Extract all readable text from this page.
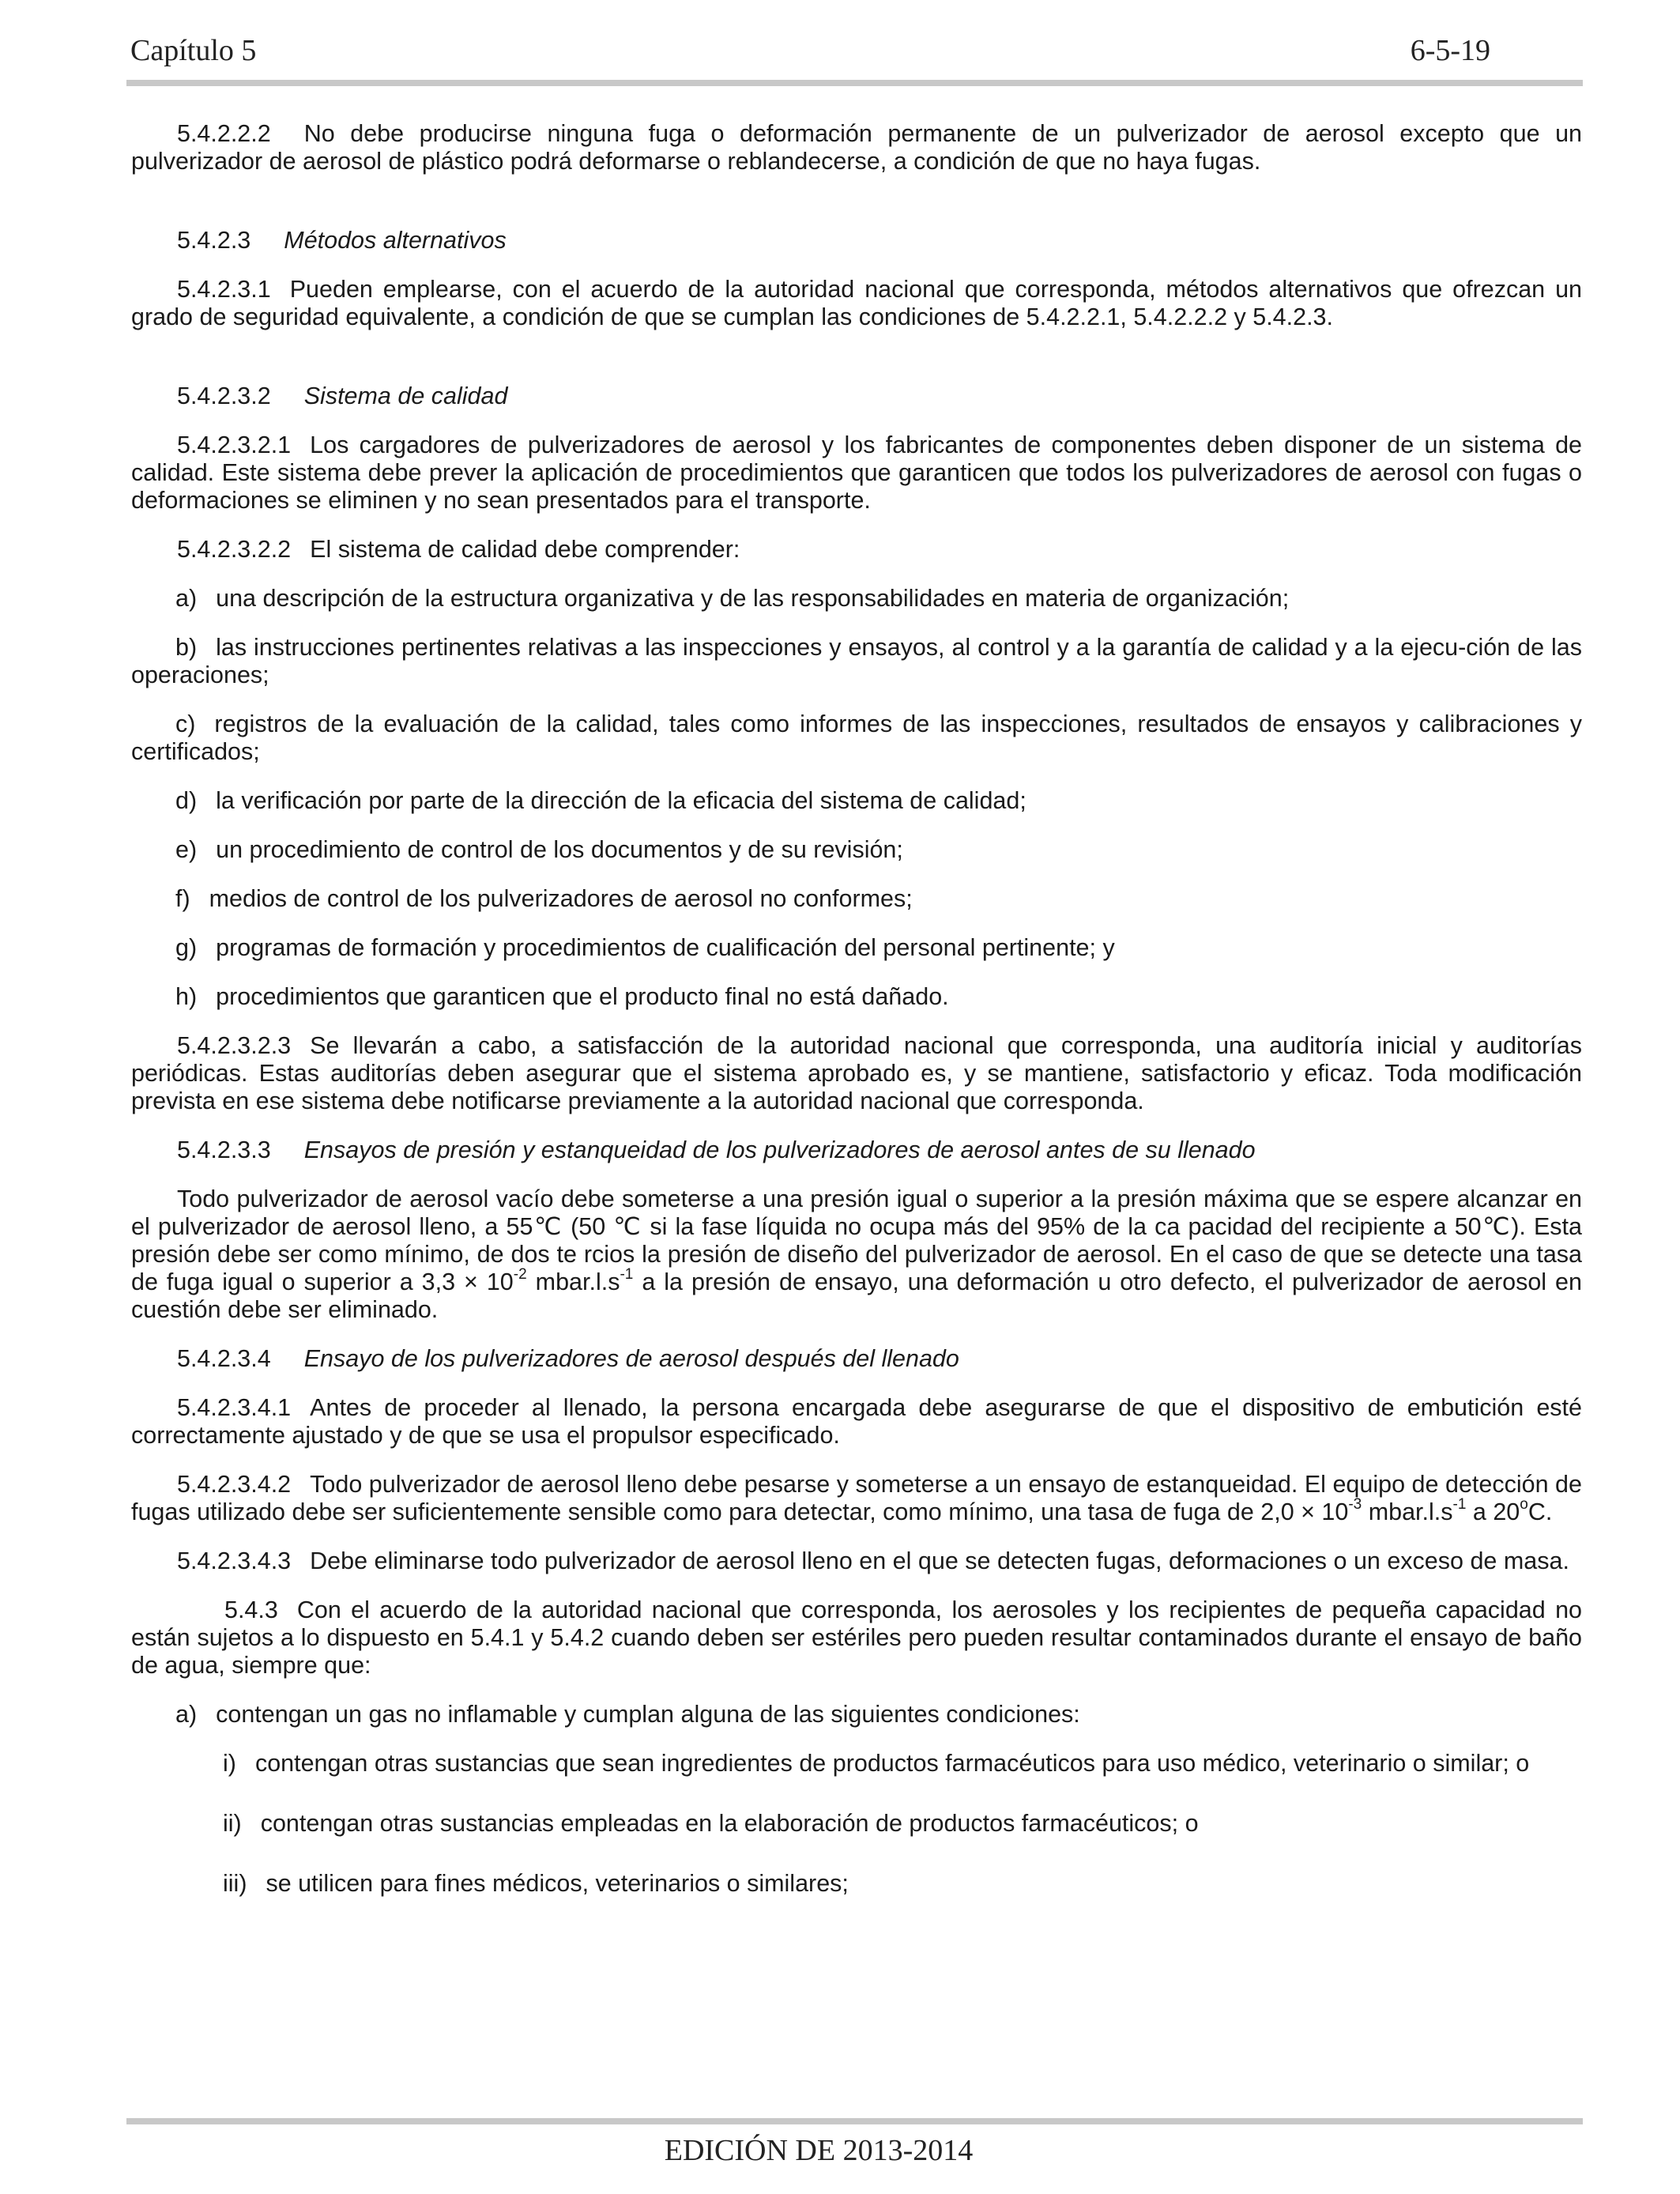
Capítulo 5	6-5-19

5.4.2.2.2 No debe producirse ninguna fuga o deformación permanente de un pulverizador de aerosol excepto que un pulverizador de aerosol de plástico podrá deformarse o reblandecerse, a condición de que no haya fugas.

5.4.2.3 Métodos alternativos

5.4.2.3.1 Pueden emplearse, con el acuerdo de la autoridad nacional que corresponda, métodos alternativos que ofrezcan un grado de seguridad equivalente, a condición de que se cumplan las condiciones de 5.4.2.2.1, 5.4.2.2.2 y 5.4.2.3.

5.4.2.3.2 Sistema de calidad

5.4.2.3.2.1 Los cargadores de pulverizadores de aerosol y los fabricantes de componentes deben disponer de un sistema de calidad. Este sistema debe prever la aplicación de procedimientos que garanticen que todos los pulverizadores de aerosol con fugas o deformaciones se eliminen y no sean presentados para el transporte.

5.4.2.3.2.2 El sistema de calidad debe comprender:

a) una descripción de la estructura organizativa y de las responsabilidades en materia de organización;

b) las instrucciones pertinentes relativas a las inspecciones y ensayos, al control y a la garantía de calidad y a la ejecu-ción de las operaciones;

c) registros de la evaluación de la calidad, tales como informes de las inspecciones, resultados de ensayos y calibraciones y certificados;

d) la verificación por parte de la dirección de la eficacia del sistema de calidad;

e) un procedimiento de control de los documentos y de su revisión;

f) medios de control de los pulverizadores de aerosol no conformes;

g) programas de formación y procedimientos de cualificación del personal pertinente; y

h) procedimientos que garanticen que el producto final no está dañado.

5.4.2.3.2.3 Se llevarán a cabo, a satisfacción de la autoridad nacional que corresponda, una auditoría inicial y auditorías periódicas. Estas auditorías deben asegurar que el sistema aprobado es, y se mantiene, satisfactorio y eficaz. Toda modificación prevista en ese sistema debe notificarse previamente a la autoridad nacional que corresponda.

5.4.2.3.3 Ensayos de presión y estanqueidad de los pulverizadores de aerosol antes de su llenado

Todo pulverizador de aerosol vacío debe someterse a una presión igual o superior a la presión máxima que se espere alcanzar en el pulverizador de aerosol lleno, a 55℃ (50 ℃ si la fase líquida no ocupa más del 95% de la ca pacidad del recipiente a 50℃). Esta presión debe ser como mínimo, de dos te rcios la presión de diseño del pulverizador de aerosol. En el caso de que se detecte una tasa de fuga igual o superior a $3,3 \times 10^{-2}$ $mbar.l.s^{-1}$ a la presión de ensayo, una deformación u otro defecto, el pulverizador de aerosol en cuestión debe ser eliminado.

5.4.2.3.4 Ensayo de los pulverizadores de aerosol después del llenado

5.4.2.3.4.1 Antes de proceder al llenado, la persona encargada debe asegurarse de que el dispositivo de embutición esté correctamente ajustado y de que se usa el propulsor especificado.

5.4.2.3.4.2 Todo pulverizador de aerosol lleno debe pesarse y someterse a un ensayo de estanqueidad. El equipo de detección de fugas utilizado debe ser suficientemente sensible como para detectar, como mínimo, una tasa de fuga de $2,0 \times 10^{-3}$ $mbar.l.s^{-1}$ a 20$^o$C.

5.4.2.3.4.3 Debe eliminarse todo pulverizador de aerosol lleno en el que se detecten fugas, deformaciones o un exceso de masa.

5.4.3 Con el acuerdo de la autoridad nacional que corresponda, los aerosoles y los recipientes de pequeña capacidad no están sujetos a lo dispuesto en 5.4.1 y 5.4.2 cuando deben ser estériles pero pueden resultar contaminados durante el ensayo de baño de agua, siempre que:

a) contengan un gas no inflamable y cumplan alguna de las siguientes condiciones:

i) contengan otras sustancias que sean ingredientes de productos farmacéuticos para uso médico, veterinario o similar; o

ii) contengan otras sustancias empleadas en la elaboración de productos farmacéuticos; o

iii) se utilicen para fines médicos, veterinarios o similares;

EDICIÓN DE 2013-2014
